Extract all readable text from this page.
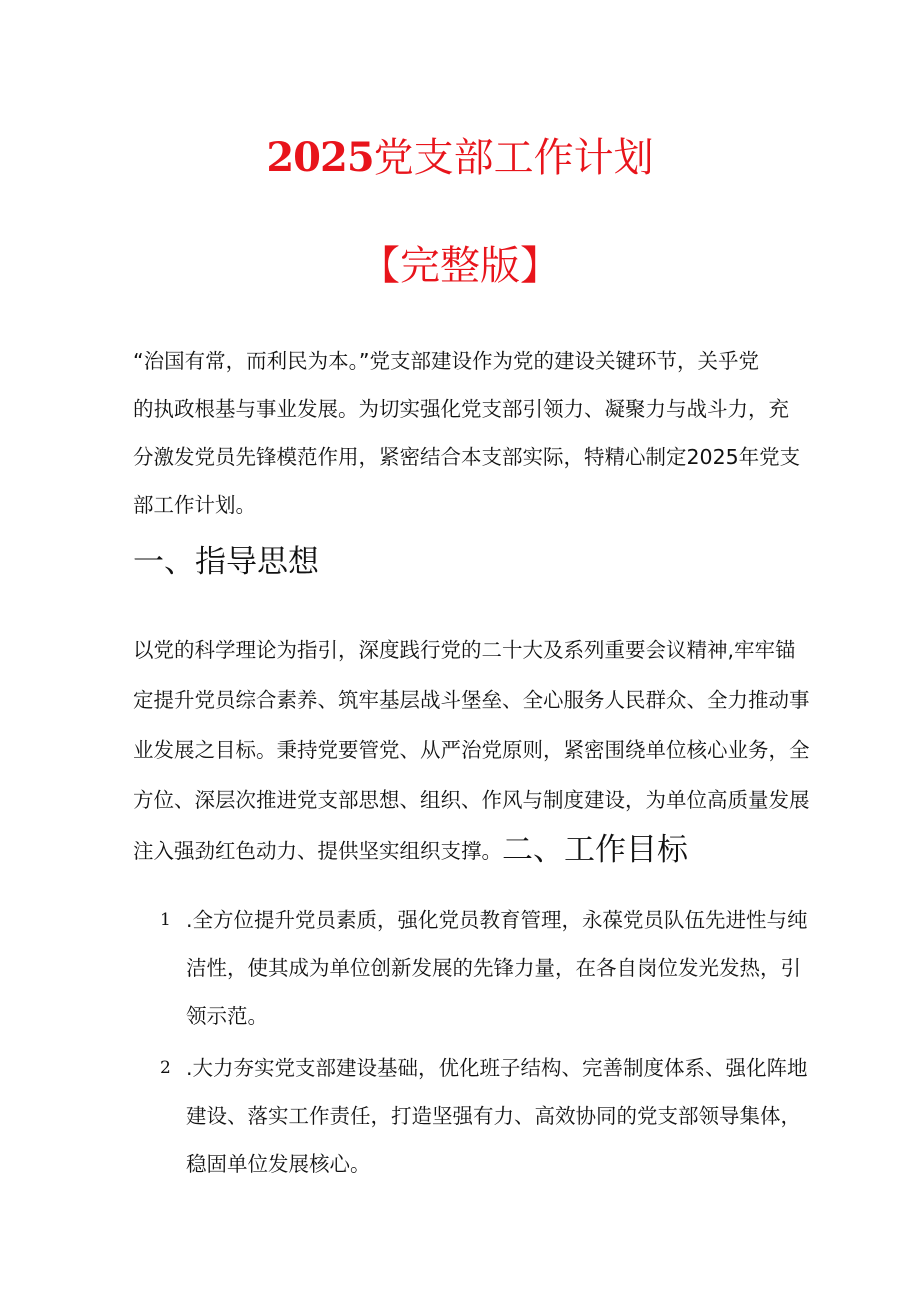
2025党支部工作计划
【完整版】

“治国有常，而利民为本。”党支部建设作为党的建设关键环节，关乎党
的执政根基与事业发展。为切实强化党支部引领力、凝聚力与战斗力，充
分激发党员先锋模范作用，紧密结合本支部实际，特精心制定2025年党支
部工作计划。

一、指导思想

以党的科学理论为指引，深度践行党的二十大及系列重要会议精神,牢牢锚
定提升党员综合素养、筑牢基层战斗堡垒、全心服务人民群众、全力推动事
业发展之目标。秉持党要管党、从严治党原则，紧密围绕单位核心业务，全
方位、深层次推进党支部思想、组织、作风与制度建设，为单位高质量发展
注入强劲红色动力、提供坚实组织支撑。二、工作目标

1 .全方位提升党员素质，强化党员教育管理，永葆党员队伍先进性与纯
洁性，使其成为单位创新发展的先锋力量，在各自岗位发光发热，引
领示范。
2 .大力夯实党支部建设基础，优化班子结构、完善制度体系、强化阵地
建设、落实工作责任，打造坚强有力、高效协同的党支部领导集体，
稳固单位发展核心。
